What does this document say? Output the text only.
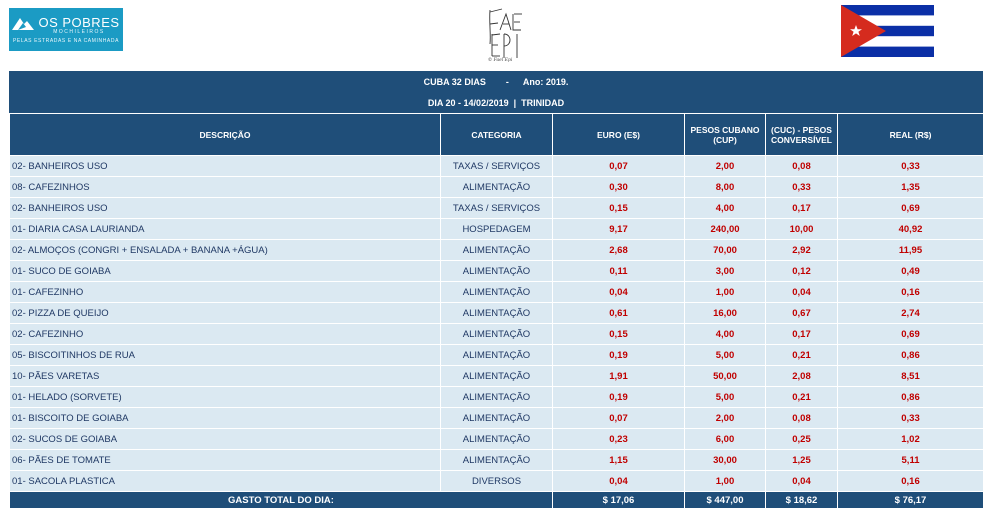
OS POBRES
MOCHILEIROS
PELAS ESTRADAS E NA CAMINHADA
© Fael Epi
CUBA 32 DIAS - Ano: 2019.
DIA 20 - 14/02/2019  |  TRINIDAD
DESCRIÇÃO	CATEGORIA	EURO (E$)	PESOS CUBANO (CUP)	(CUC) - PESOS CONVERSÍVEL	REAL (R$)
02- BANHEIROS USO	TAXAS / SERVIÇOS	0,07	2,00	0,08	0,33
08- CAFEZINHOS	ALIMENTAÇÃO	0,30	8,00	0,33	1,35
02- BANHEIROS USO	TAXAS / SERVIÇOS	0,15	4,00	0,17	0,69
01- DIARIA CASA LAURIANDA	HOSPEDAGEM	9,17	240,00	10,00	40,92
02- ALMOÇOS (CONGRI + ENSALADA + BANANA +ÁGUA)	ALIMENTAÇÃO	2,68	70,00	2,92	11,95
01- SUCO DE GOIABA	ALIMENTAÇÃO	0,11	3,00	0,12	0,49
01- CAFEZINHO	ALIMENTAÇÃO	0,04	1,00	0,04	0,16
02- PIZZA DE QUEIJO	ALIMENTAÇÃO	0,61	16,00	0,67	2,74
02- CAFEZINHO	ALIMENTAÇÃO	0,15	4,00	0,17	0,69
05- BISCOITINHOS DE RUA	ALIMENTAÇÃO	0,19	5,00	0,21	0,86
10- PÃES VARETAS	ALIMENTAÇÃO	1,91	50,00	2,08	8,51
01- HELADO (SORVETE)	ALIMENTAÇÃO	0,19	5,00	0,21	0,86
01- BISCOITO DE GOIABA	ALIMENTAÇÃO	0,07	2,00	0,08	0,33
02- SUCOS DE GOIABA	ALIMENTAÇÃO	0,23	6,00	0,25	1,02
06- PÃES DE TOMATE	ALIMENTAÇÃO	1,15	30,00	1,25	5,11
01- SACOLA PLASTICA	DIVERSOS	0,04	1,00	0,04	0,16
GASTO TOTAL DO DIA:		$ 17,06	$ 447,00	$ 18,62	$ 76,17
